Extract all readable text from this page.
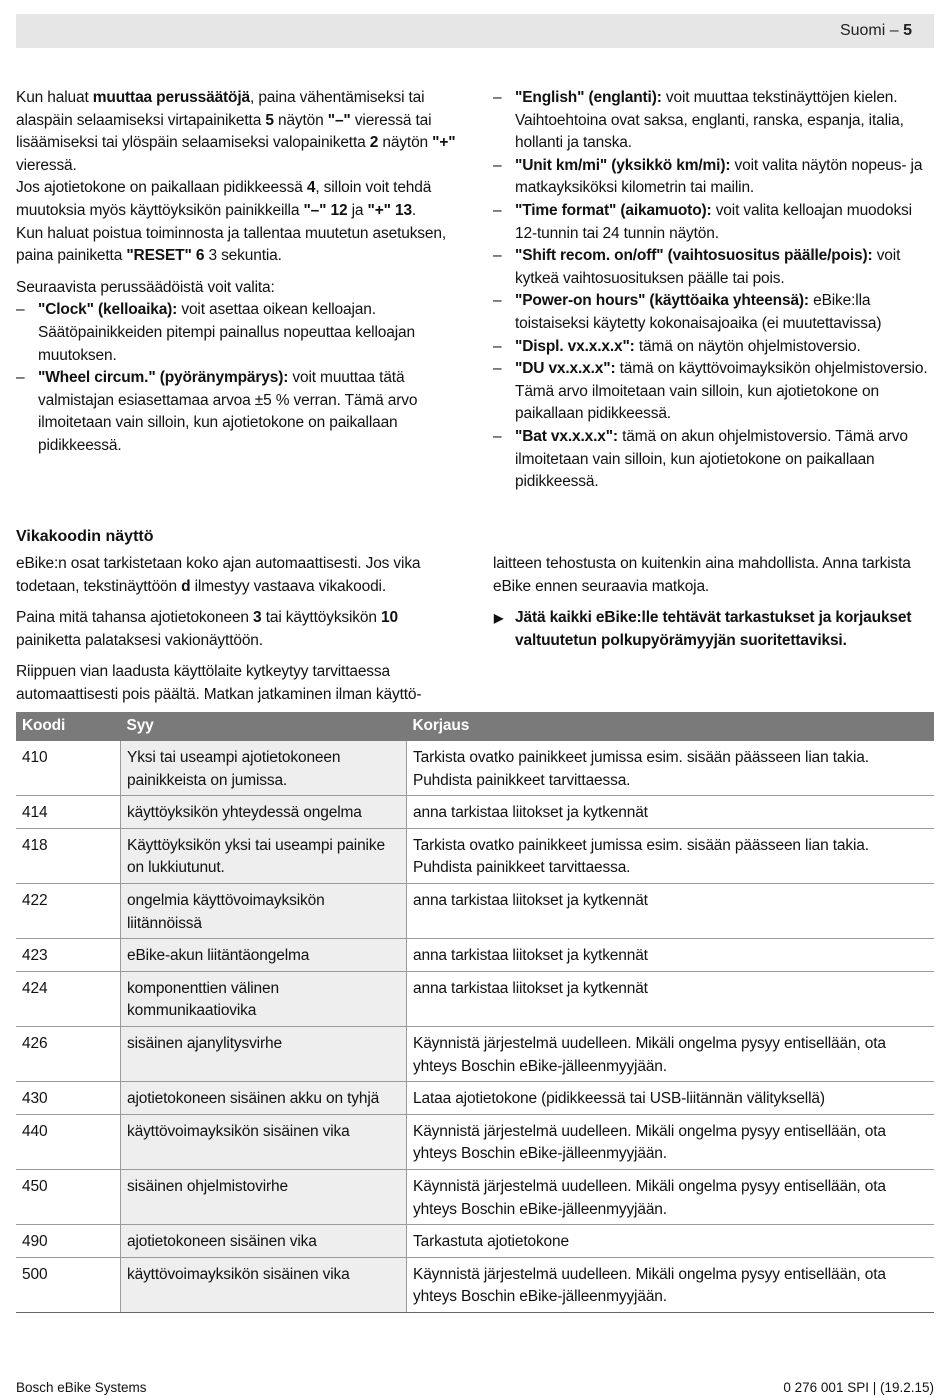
Suomi – 5

Kun haluat muuttaa perussäätöjä, paina vähentämiseksi tai alaspäin selaamiseksi virtapainiketta 5 näytön "–" vieressä tai lisäämiseksi tai ylöspäin selaamiseksi valopainiketta 2 näytön "+" vieressä.

Jos ajotietokone on paikallaan pidikkeessä 4, silloin voit tehdä muutoksia myös käyttöyksikön painikkeilla "–" 12 ja "+" 13.

Kun haluat poistua toiminnosta ja tallentaa muutetun asetuksen, paina painiketta "RESET" 6 3 sekuntia.

Seuraavista perussäädöistä voit valita:

– "Clock" (kelloaika): voit asettaa oikean kelloajan. Säätöpainikkeiden pitempi painallus nopeuttaa kelloajan muutoksen.
– "Wheel circum." (pyöränympärys): voit muuttaa tätä valmistajan esiasettamaa arvoa ±5 % verran. Tämä arvo ilmoitetaan vain silloin, kun ajotietokone on paikallaan pidikkeessä.
– "English" (englanti): voit muuttaa tekstinäyttöjen kielen. Vaihtoehtoina ovat saksa, englanti, ranska, espanja, italia, hollanti ja tanska.
– "Unit km/mi" (yksikkö km/mi): voit valita näytön nopeus- ja matkayksiköksi kilometrin tai mailin.
– "Time format" (aikamuoto): voit valita kelloajan muodoksi 12-tunnin tai 24 tunnin näytön.
– "Shift recom. on/off" (vaihtosuositus päälle/pois): voit kytkeä vaihtosuosituksen päälle tai pois.
– "Power-on hours" (käyttöaika yhteensä): eBike:lla toistaiseksi käytetty kokonaisajoaika (ei muutettavissa)
– "Displ. vx.x.x.x": tämä on näytön ohjelmistoversio.
– "DU vx.x.x.x": tämä on käyttövoimayksikön ohjelmistoversio. Tämä arvo ilmoitetaan vain silloin, kun ajotietokone on paikallaan pidikkeessä.
– "Bat vx.x.x.x": tämä on akun ohjelmistoversio. Tämä arvo ilmoitetaan vain silloin, kun ajotietokone on paikallaan pidikkeessä.
Vikakoodin näyttö

eBike:n osat tarkistetaan koko ajan automaattisesti. Jos vika todetaan, tekstinäyttöön d ilmestyy vastaava vikakoodi.

Paina mitä tahansa ajotietokoneen 3 tai käyttöyksikön 10 painiketta palataksesi vakionäyttöön.

Riippuen vian laadusta käyttölaite kytkeytyy tarvittaessa automaattisesti pois päältä. Matkan jatkaminen ilman käyttö-

laitteen tehostusta on kuitenkin aina mahdollista. Anna tarkista eBike ennen seuraavia matkoja.

▶ Jätä kaikki eBike:lle tehtävät tarkastukset ja korjaukset valtuutetun polkupyörämyyjän suoritettaviksi.
Koodi	Syy	Korjaus
410	Yksi tai useampi ajotietokoneen painikkeista on jumissa.	Tarkista ovatko painikkeet jumissa esim. sisään päässeen lian takia. Puhdista painikkeet tarvittaessa.
414	käyttöyksikön yhteydessä ongelma	anna tarkistaa liitokset ja kytkennät
418	Käyttöyksikön yksi tai useampi painike on lukkiutunut.	Tarkista ovatko painikkeet jumissa esim. sisään päässeen lian takia. Puhdista painikkeet tarvittaessa.
422	ongelmia käyttövoimayksikön liitännöissä	anna tarkistaa liitokset ja kytkennät
423	eBike-akun liitäntäongelma	anna tarkistaa liitokset ja kytkennät
424	komponenttien välinen kommunikaatiovika	anna tarkistaa liitokset ja kytkennät
426	sisäinen ajanylitysvirhe	Käynnistä järjestelmä uudelleen. Mikäli ongelma pysyy entisellään, ota yhteys Boschin eBike-jälleenmyyjään.
430	ajotietokoneen sisäinen akku on tyhjä	Lataa ajotietokone (pidikkeessä tai USB-liitännän välityksellä)
440	käyttövoimayksikön sisäinen vika	Käynnistä järjestelmä uudelleen. Mikäli ongelma pysyy entisellään, ota yhteys Boschin eBike-jälleenmyyjään.
450	sisäinen ohjelmistovirhe	Käynnistä järjestelmä uudelleen. Mikäli ongelma pysyy entisellään, ota yhteys Boschin eBike-jälleenmyyjään.
490	ajotietokoneen sisäinen vika	Tarkastuta ajotietokone
500	käyttövoimayksikön sisäinen vika	Käynnistä järjestelmä uudelleen. Mikäli ongelma pysyy entisellään, ota yhteys Boschin eBike-jälleenmyyjään.
Bosch eBike Systems	0 276 001 SPI | (19.2.15)
